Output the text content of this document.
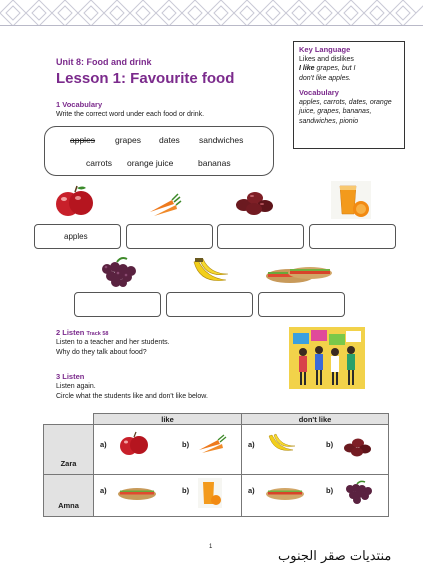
Key Language
Likes and dislikes
I like grapes, but I
don't like apples.
Vocabulary
apples, carrots, dates, orange juice, grapes, bananas, sandwiches, pionio
Unit 8: Food and drink
Lesson 1: Favourite food
1 Vocabulary
Write the correct word under each food or drink.
apples grapes dates sandwiches
carrots orange juice	bananas
apples
2 Listen Track 58
Listen to a teacher and her students.
Why do they talk about food?
3 Listen
Listen again.
Circle what the students like and don't like below.
	like	don't like
Zara	a) b)	a) b)

Amna	a) b)	a) b)
1
منتديات صقر الجنوب
